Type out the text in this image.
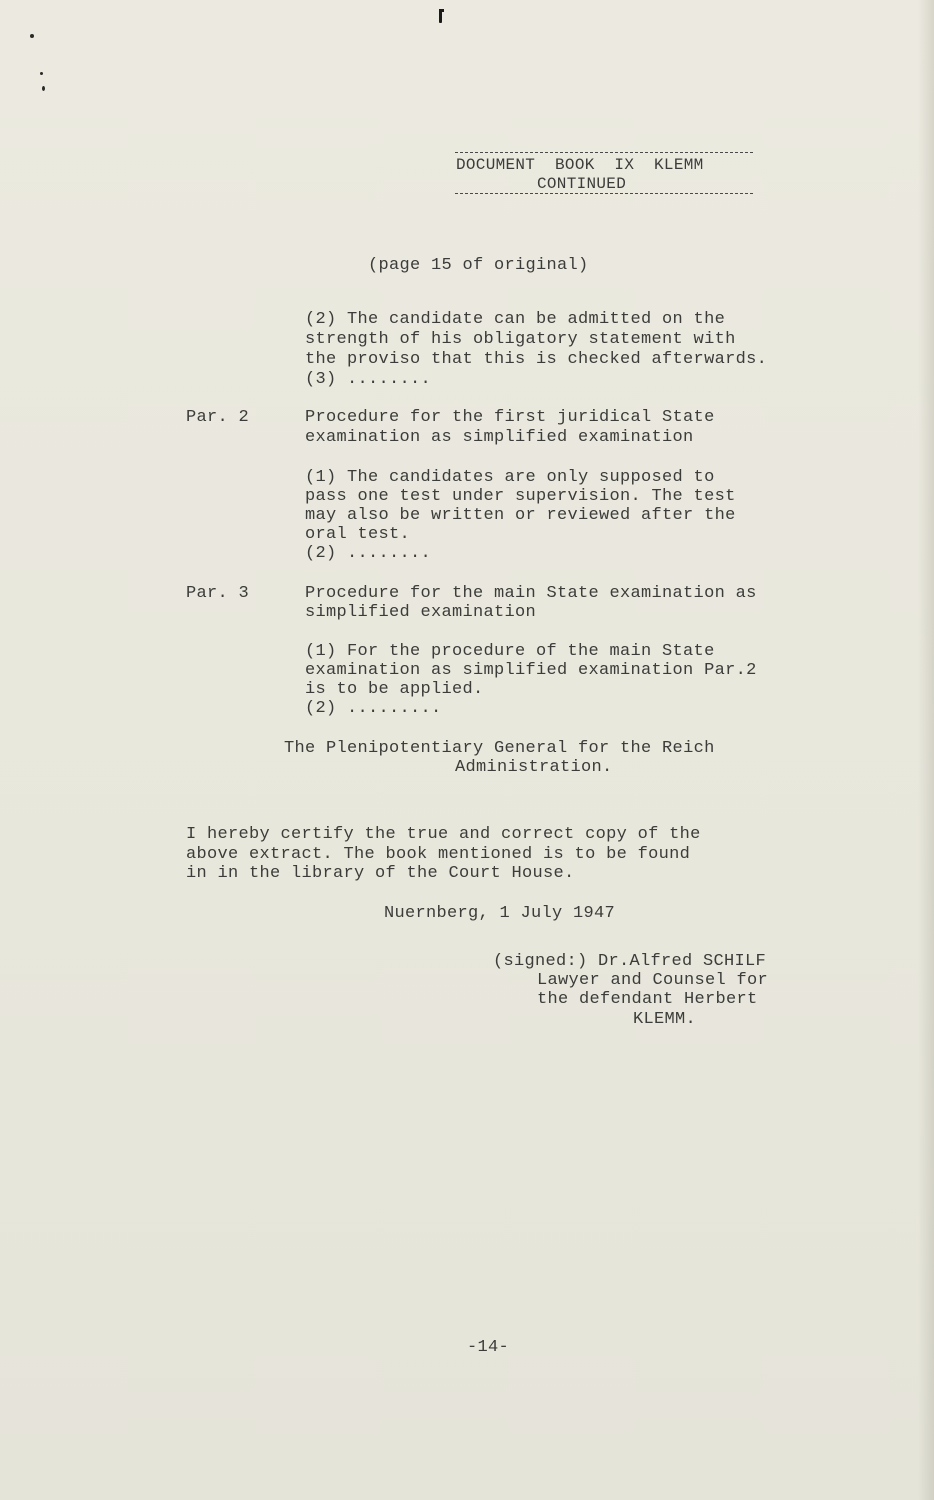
DOCUMENT  BOOK  IX  KLEMM
CONTINUED
(page 15 of original)
(2) The candidate can be admitted on the
strength of his obligatory statement with
the proviso that this is checked afterwards.
(3) ........
Par. 2	Procedure for the first juridical State
examination as simplified examination
(1) The candidates are only supposed to
pass one test under supervision. The test
may also be written or reviewed after the
oral test.
(2) ........
Par. 3	Procedure for the main State examination as
simplified examination
(1) For the procedure of the main State
examination as simplified examination Par.2
is to be applied.
(2) .........
The Plenipotentiary General for the Reich
Administration.
I hereby certify the true and correct copy of the
above extract. The book mentioned is to be found
in in the library of the Court House.
Nuernberg, 1 July 1947
(signed:) Dr.Alfred SCHILF
Lawyer and Counsel for
the defendant Herbert
KLEMM.
-14-
